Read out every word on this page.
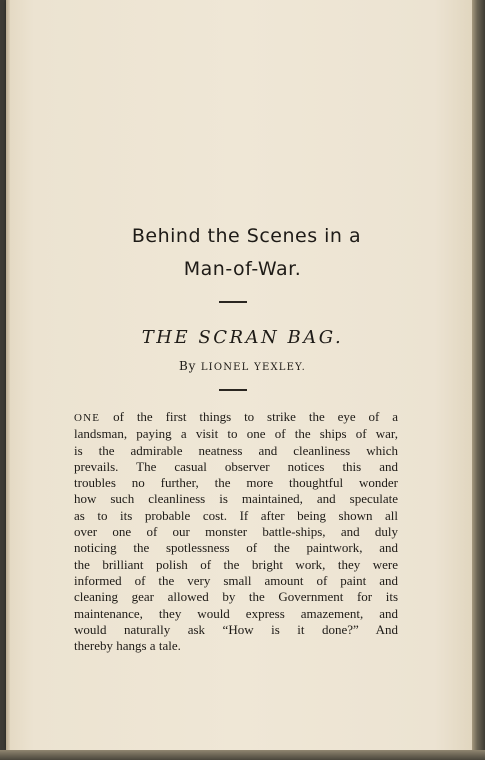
Behind the Scenes in a
Man-of-War.
THE SCRAN BAG.
By LIONEL YEXLEY.
ONE of the first things to strike the eye of a
landsman, paying a visit to one of the ships of war,
is the admirable neatness and cleanliness which
prevails. The casual observer notices this and
troubles no further, the more thoughtful wonder
how such cleanliness is maintained, and speculate
as to its probable cost. If after being shown all
over one of our monster battle-ships, and duly
noticing the spotlessness of the paintwork, and
the brilliant polish of the bright work, they were
informed of the very small amount of paint and
cleaning gear allowed by the Government for its
maintenance, they would express amazement, and
would naturally ask “How is it done?” And
thereby hangs a tale.
